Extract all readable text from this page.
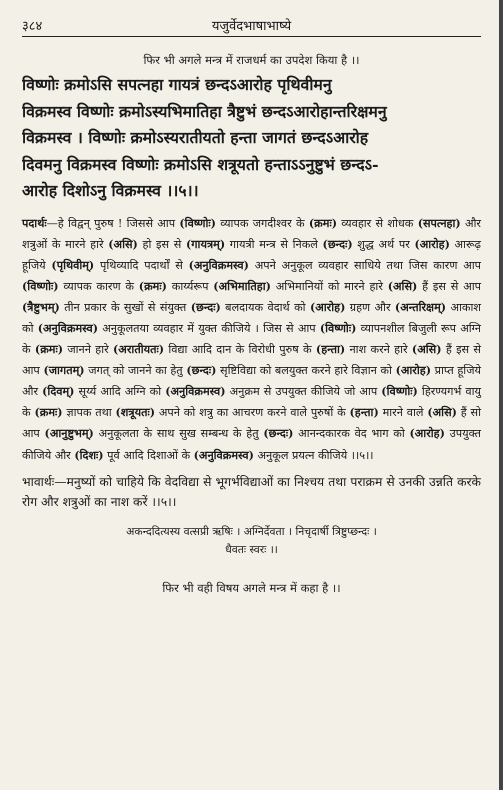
३८४	यजुर्वेदभाषाभाष्ये
फिर भी अगले मन्त्र में राजधर्म का उपदेश किया है ।।
विष्णोः क्रमोऽसि सपत्नहा गायत्रं छन्दऽआरोह पृथिवीमनु
विक्रमस्व विष्णोः क्रमोऽस्यभिमातिहा त्रैष्टुभं छन्दऽआरोहान्तरिक्षमनु
विक्रमस्व । विष्णोः क्रमोऽस्यरातीयतो हन्ता जागतं छन्दऽआरोह
दिवमनु विक्रमस्व विष्णोः क्रमोऽसि शत्रूयतो हन्ताऽऽनुष्टुभं छन्दऽ-
आरोह दिशोऽनु विक्रमस्व ।।५।।

पदार्थः—हे विद्वन् पुरुष ! जिससे आप (विष्णोः) व्यापक जगदीश्वर के (क्रमः) व्यवहार से शोधक (सपत्नहा) और शत्रुओं के मारने हारे (असि) हो इस से (गायत्रम्) गायत्री मन्त्र से निकले (छन्दः) शुद्ध अर्थ पर (आरोह) आरूढ़ हूजिये (पृथिवीम्) पृथिव्यादि पदार्थों से (अनुविक्रमस्व) अपने अनुकूल व्यवहार साधिये तथा जिस कारण आप (विष्णोः) व्यापक कारण के (क्रमः) कार्य्यरूप (अभिमातिहा) अभिमानियों को मारने हारे (असि) हैं इस से आप (त्रैष्टुभम्) तीन प्रकार के सुखों से संयुक्त (छन्दः) बलदायक वेदार्थ को (आरोह) ग्रहण और (अन्तरिक्षम्) आकाश को (अनुविक्रमस्व) अनुकूलतया व्यवहार में युक्त कीजिये । जिस से आप (विष्णोः) व्यापनशील बिजुली रूप अग्नि के (क्रमः) जानने हारे (अरातीयतः) विद्या आदि दान के विरोधी पुरुष के (हन्ता) नाश करने हारे (असि) हैं इस से आप (जागतम्) जगत् को जानने का हेतु (छन्दः) सृष्टिविद्या को बलयुक्त करने हारे विज्ञान को (आरोह) प्राप्त हूजिये और (दिवम्) सूर्य्य आदि अग्नि को (अनुविक्रमस्व) अनुक्रम से उपयुक्त कीजिये जो आप (विष्णोः) हिरण्यगर्भ वायु के (क्रमः) ज्ञापक तथा (शत्रूयतः) अपने को शत्रु का आचरण करने वाले पुरुषों के (हन्ता) मारने वाले (असि) हैं सो आप (आनुष्टुभम्) अनुकूलता के साथ सुख सम्बन्ध के हेतु (छन्दः) आनन्दकारक वेद भाग को (आरोह) उपयुक्त कीजिये और (दिशः) पूर्व आदि दिशाओं के (अनुविक्रमस्व) अनुकूल प्रयत्न कीजिये ।।५।।

भावार्थः—मनुष्यों को चाहिये कि वेदविद्या से भूगर्भविद्याओं का निश्चय तथा पराक्रम से उनकी उन्नति करके रोग और शत्रुओं का नाश करें ।।५।।

अकन्ददित्यस्य वत्सप्री ऋषिः । अग्निर्देवता । निचृदार्षी त्रिष्टुप्छन्दः ।
धैवतः स्वरः ।।
फिर भी वही विषय अगले मन्त्र में कहा है ।।
